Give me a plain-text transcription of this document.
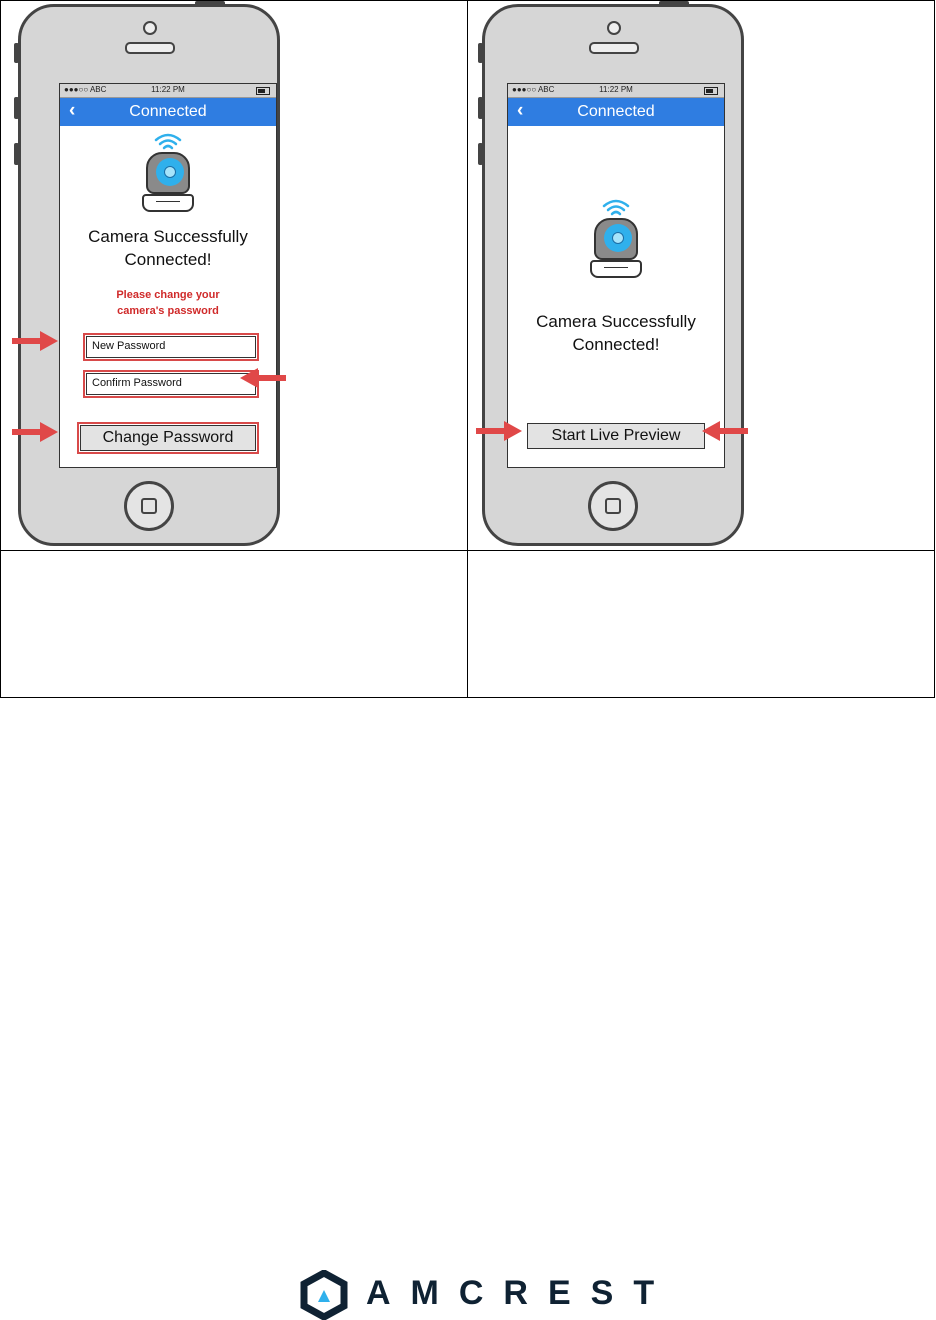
●●●○○ ABC	11:22 PM
‹	Connected
Camera Successfully
Connected!
Please change your
camera's password
New Password
Confirm Password
Change Password
●●●○○ ABC	11:22 PM
‹	Connected
Camera Successfully
Connected!
Start Live Preview
AMCREST
